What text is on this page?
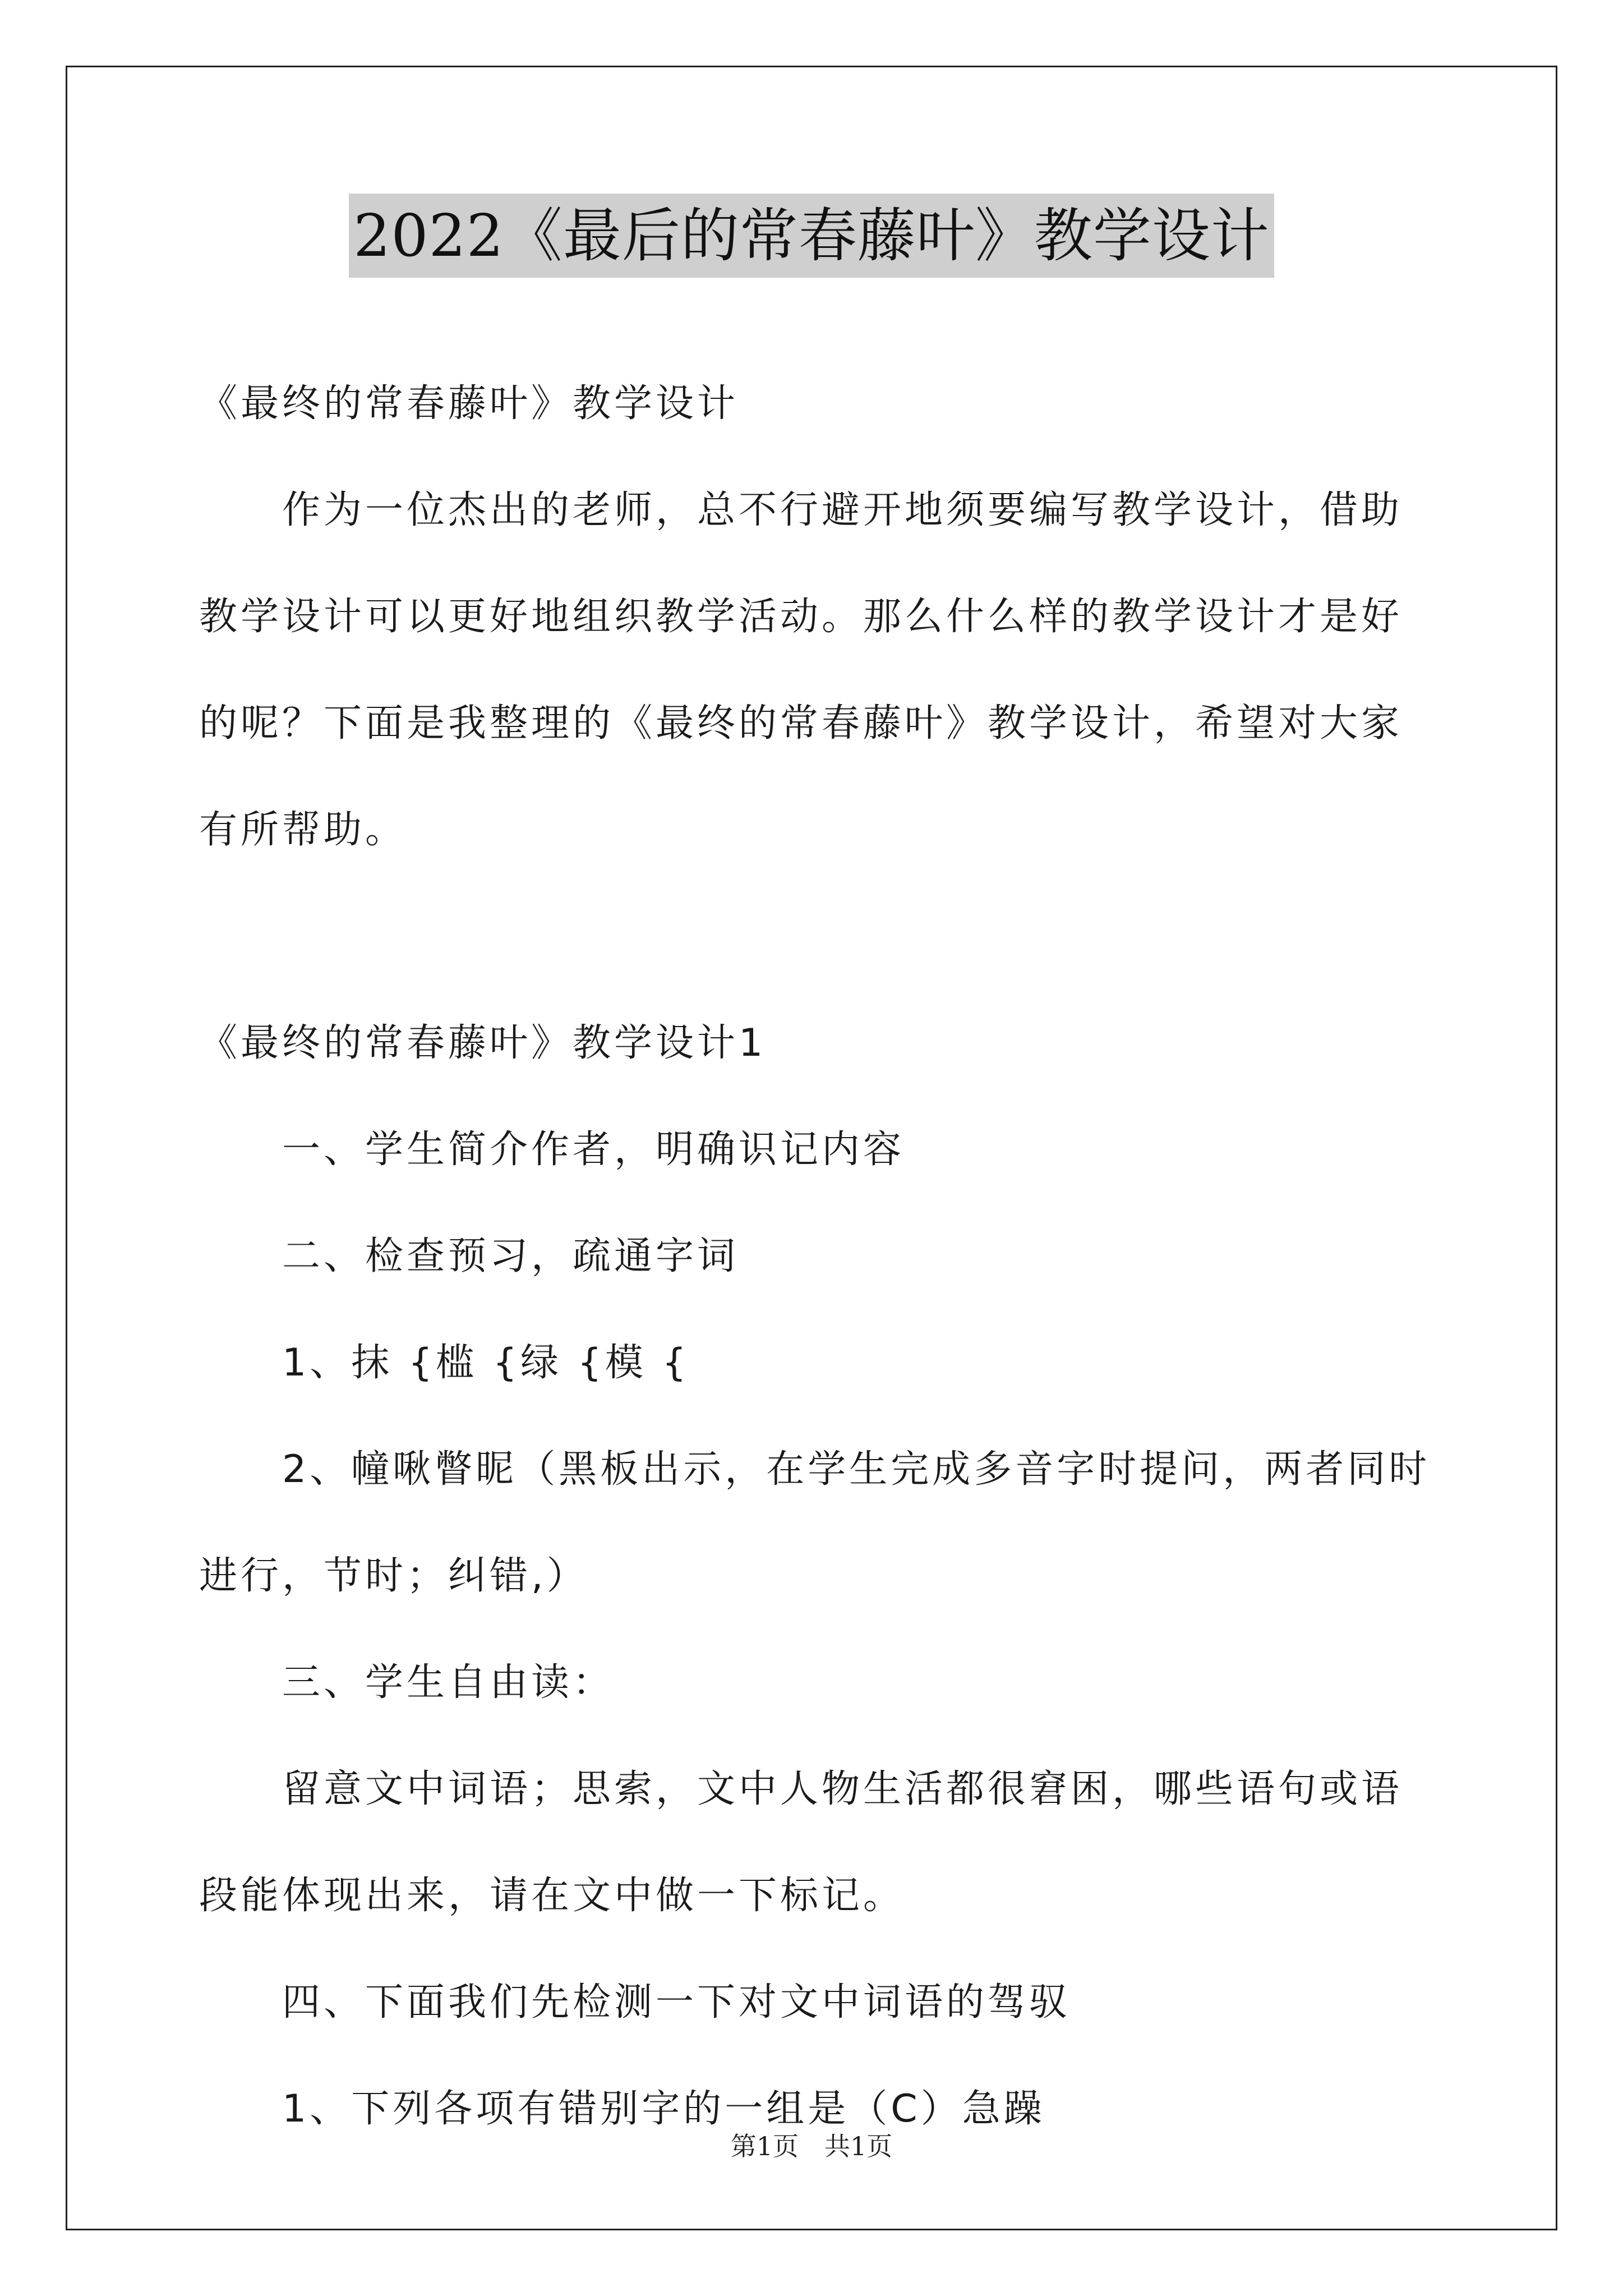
2022《最后的常春藤叶》教学设计

《最终的常春藤叶》教学设计

作为一位杰出的老师，总不行避开地须要编写教学设计，借助教学设计可以更好地组织教学活动。那么什么样的教学设计才是好的呢？下面是我整理的《最终的常春藤叶》教学设计，希望对大家有所帮助。

《最终的常春藤叶》教学设计1

一、学生简介作者，明确识记内容

二、检查预习，疏通字词

1、抹 {槛 {绿 {模 {

2、幢啾瞥昵（黑板出示，在学生完成多音字时提问，两者同时进行，节时；纠错,）

三、学生自由读：

留意文中词语；思索，文中人物生活都很窘困，哪些语句或语段能体现出来，请在文中做一下标记。

四、下面我们先检测一下对文中词语的驾驭

1、下列各项有错别字的一组是（C）急躁

第1页　共1页
